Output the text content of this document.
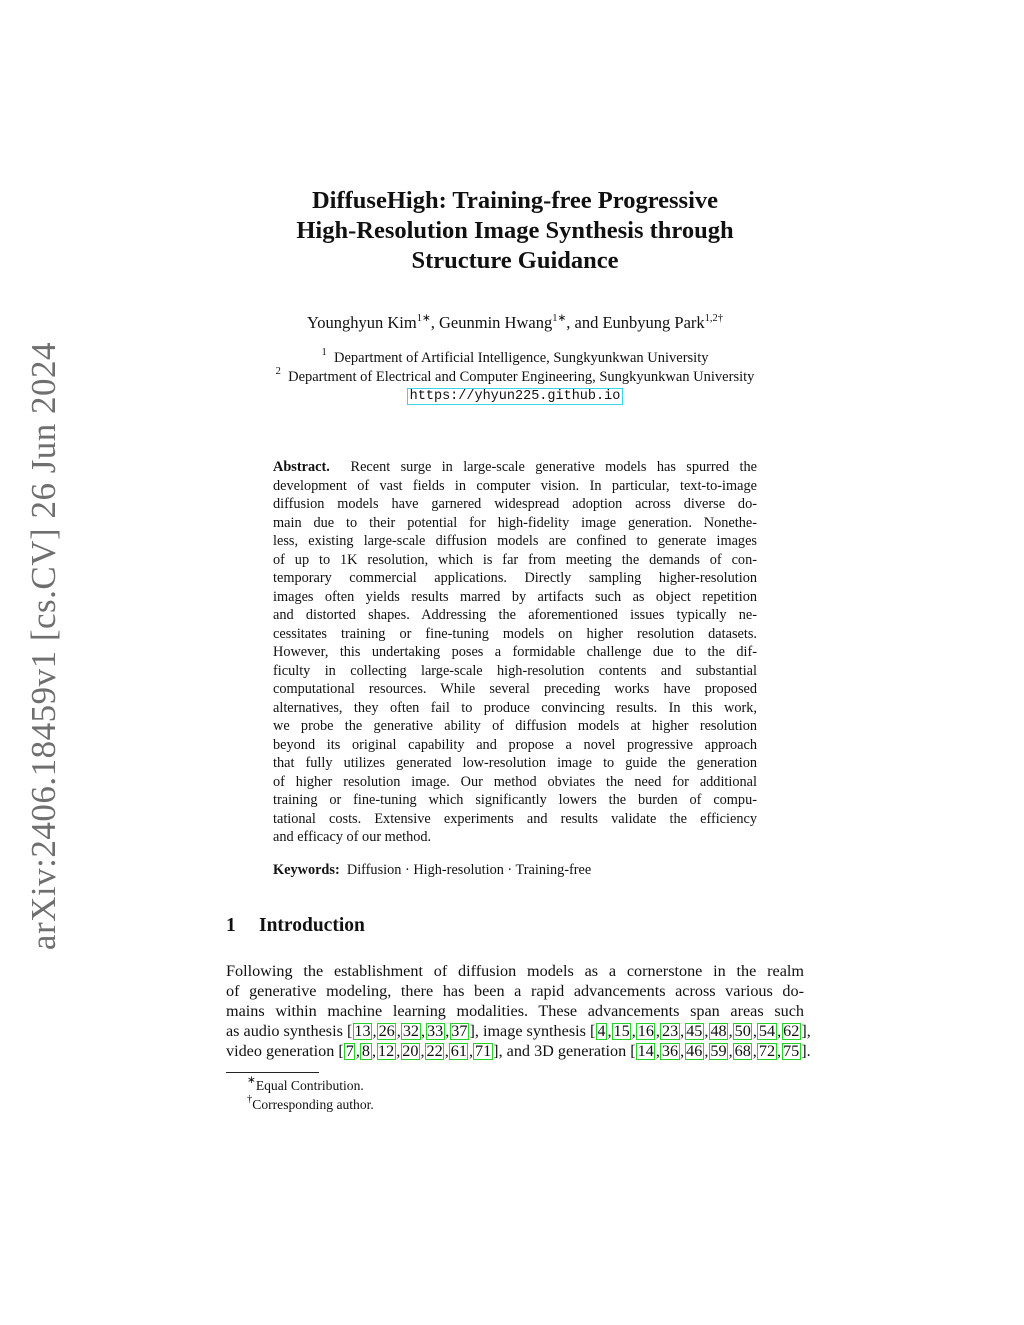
arXiv:2406.18459v1 [cs.CV] 26 Jun 2024
DiffuseHigh: Training-free Progressive
High-Resolution Image Synthesis through
Structure Guidance
Younghyun Kim$^{1∗}$, Geunmin Hwang$^{1∗}$, and Eunbyung Park$^{1,2\dagger}$
$^1$ Department of Artificial Intelligence, Sungkyunkwan University
$^2$ Department of Electrical and Computer Engineering, Sungkyunkwan University
https://yhyun225.github.io
Abstract. Recent surge in large-scale generative models has spurred the
development of vast fields in computer vision. In particular, text-to-image
diffusion models have garnered widespread adoption across diverse do-
main due to their potential for high-fidelity image generation. Nonethe-
less, existing large-scale diffusion models are confined to generate images
of up to 1K resolution, which is far from meeting the demands of con-
temporary commercial applications. Directly sampling higher-resolution
images often yields results marred by artifacts such as object repetition
and distorted shapes. Addressing the aforementioned issues typically ne-
cessitates training or fine-tuning models on higher resolution datasets.
However, this undertaking poses a formidable challenge due to the dif-
ficulty in collecting large-scale high-resolution contents and substantial
computational resources. While several preceding works have proposed
alternatives, they often fail to produce convincing results. In this work,
we probe the generative ability of diffusion models at higher resolution
beyond its original capability and propose a novel progressive approach
that fully utilizes generated low-resolution image to guide the generation
of higher resolution image. Our method obviates the need for additional
training or fine-tuning which significantly lowers the burden of compu-
tational costs. Extensive experiments and results validate the efficiency
and efficacy of our method.
Keywords: Diffusion · High-resolution · Training-free
1 Introduction
Following the establishment of diffusion models as a cornerstone in the realm
of generative modeling, there has been a rapid advancements across various do-
mains within machine learning modalities. These advancements span areas such
as audio synthesis [ 13 , 26 , 32 , 33 , 37 ], image synthesis [ 4 , 15 , 16 , 23 , 45 , 48 , 50 , 54 , 62 ],
video generation [ 7 , 8 , 12 , 20 , 22 , 61 , 71 ], and 3D generation [ 14 , 36 , 46 , 59 , 68 , 72 , 75 ].
∗Equal Contribution.
†Corresponding author.
